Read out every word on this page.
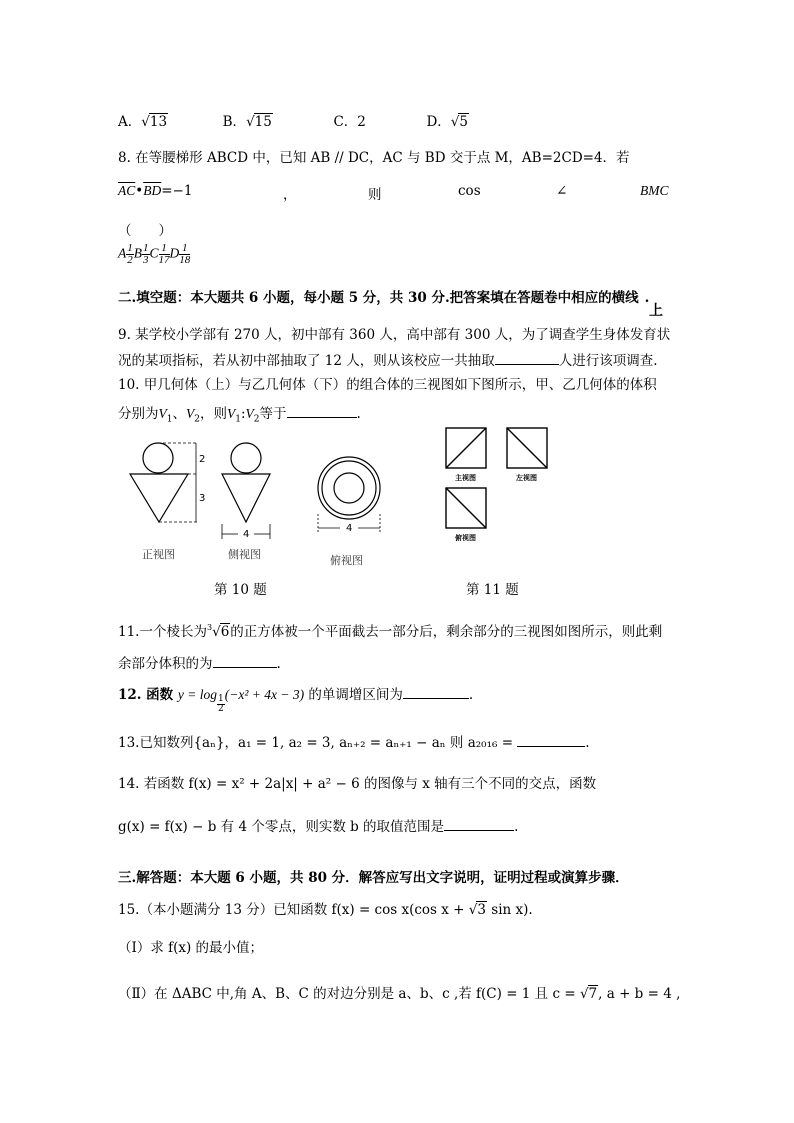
A．√13	B．√15	C．2	D．√5
8. 在等腰梯形 ABCD 中，已知 AB // DC，AC 与 BD 交于点 M，AB=2CD=4．若
$\overline{AC}•\overline{BD}=-1$	，	则	cos	∠	BMC
（　　）
A $\frac{1}{2}$ B $\frac{1}{3}$ C $\frac{1}{17}$ D $\frac{1}{18}$
二.填空题：本大题共 6 小题，每小题 5 分，共 30 分.把答案填在答题卷中相应的横线 .
上
9. 某学校小学部有 270 人，初中部有 360 人，高中部有 300 人，为了调查学生身体发育状
况的某项指标，若从初中部抽取了 12 人，则从该校应一共抽取	人进行该项调查.
10. 甲几何体（上）与乙几何体（下）的组合体的三视图如下图所示，甲、乙几何体的体积
分别为$V_1$、$V_2$，则$V_1:V_2$等于	.
2
3
4
4
正视图	侧视图	俯视图
第 10 题
主视图	左视图
俯视图
第 11 题
11.一个棱长为$^3$√6的正方体被一个平面截去一部分后，剩余部分的三视图如图所示，则此剩
余部分体积的为	.
12. 函数 y = log
$\frac{1}{2}$
(−x² + 4x − 3) 的单调增区间为	.
13.已知数列{aₙ}，a₁ = 1, a₂ = 3, aₙ₊₂ = aₙ₊₁ − aₙ 则 a₂₀₁₆ =	.
14. 若函数 f(x) = x² + 2a|x| + a² − 6 的图像与 x 轴有三个不同的交点，函数
g(x) = f(x) − b 有 4 个零点，则实数 b 的取值范围是	.
三.解答题：本大题 6 小题，共 80 分．解答应写出文字说明，证明过程或演算步骤．
15.（本小题满分 13 分）已知函数 f(x) = cos x(cos x + √3 sin x).
（Ⅰ）求 f(x) 的最小值；
（Ⅱ）在 ΔABC 中,角 A、B、C 的对边分别是 a、b、c ,若 f(C) = 1 且 c = √7, a + b = 4 ,
